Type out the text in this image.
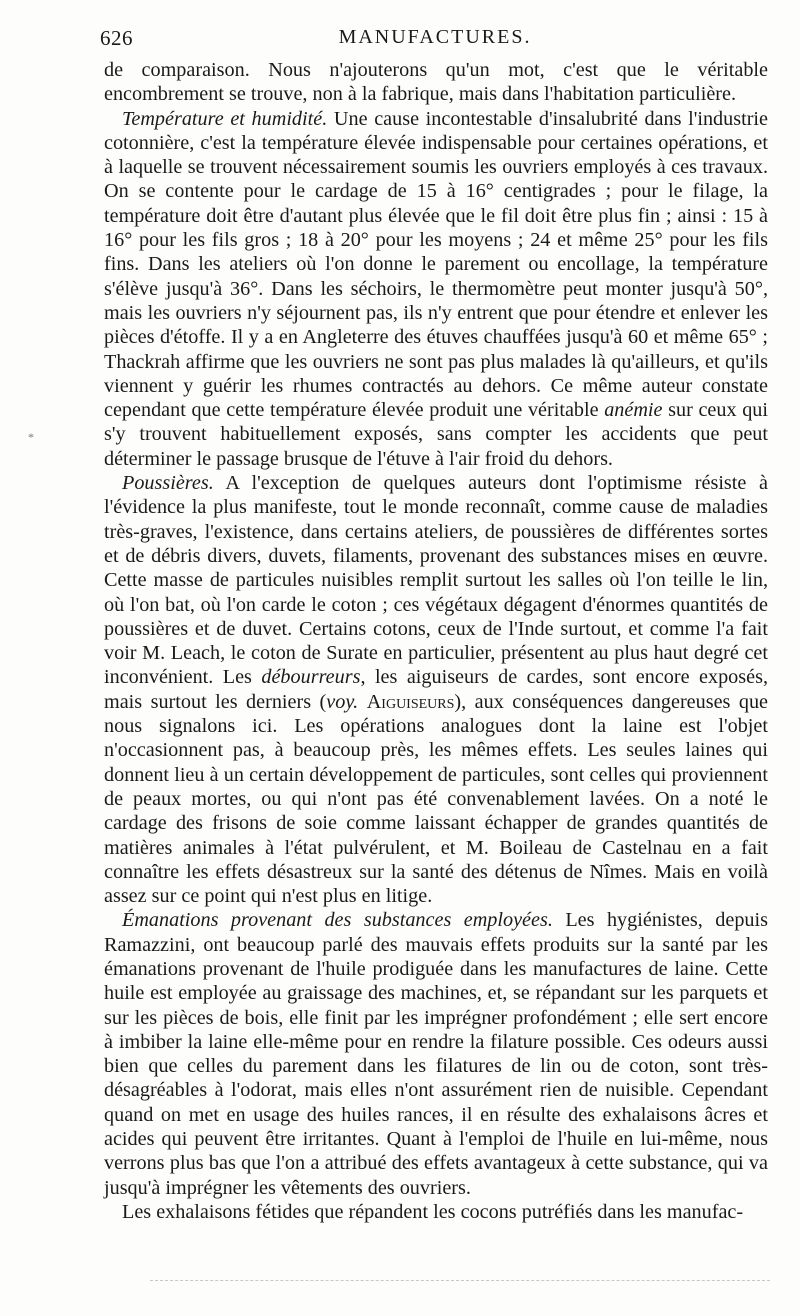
626	MANUFACTURES.
*

de comparaison. Nous n'ajouterons qu'un mot, c'est que le véritable encombrement se trouve, non à la fabrique, mais dans l'habitation particulière.

Température et humidité. Une cause incontestable d'insalubrité dans l'industrie cotonnière, c'est la température élevée indispensable pour certaines opérations, et à laquelle se trouvent nécessairement soumis les ouvriers employés à ces travaux. On se contente pour le cardage de 15 à 16° centigrades ; pour le filage, la température doit être d'autant plus élevée que le fil doit être plus fin ; ainsi : 15 à 16° pour les fils gros ; 18 à 20° pour les moyens ; 24 et même 25° pour les fils fins. Dans les ateliers où l'on donne le parement ou encollage, la température s'élève jusqu'à 36°. Dans les séchoirs, le thermomètre peut monter jusqu'à 50°, mais les ouvriers n'y séjournent pas, ils n'y entrent que pour étendre et enlever les pièces d'étoffe. Il y a en Angleterre des étuves chauffées jusqu'à 60 et même 65° ; Thackrah affirme que les ouvriers ne sont pas plus malades là qu'ailleurs, et qu'ils viennent y guérir les rhumes contractés au dehors. Ce même auteur constate cependant que cette température élevée produit une véritable anémie sur ceux qui s'y trouvent habituellement exposés, sans compter les accidents que peut déterminer le passage brusque de l'étuve à l'air froid du dehors.

Poussières. A l'exception de quelques auteurs dont l'optimisme résiste à l'évidence la plus manifeste, tout le monde reconnaît, comme cause de maladies très-graves, l'existence, dans certains ateliers, de poussières de différentes sortes et de débris divers, duvets, filaments, provenant des substances mises en œuvre. Cette masse de particules nuisibles remplit surtout les salles où l'on teille le lin, où l'on bat, où l'on carde le coton ; ces végétaux dégagent d'énormes quantités de poussières et de duvet. Certains cotons, ceux de l'Inde surtout, et comme l'a fait voir M. Leach, le coton de Surate en particulier, présentent au plus haut degré cet inconvénient. Les débourreurs, les aiguiseurs de cardes, sont encore exposés, mais surtout les derniers (voy. Aiguiseurs), aux conséquences dangereuses que nous signalons ici. Les opérations analogues dont la laine est l'objet n'occasionnent pas, à beaucoup près, les mêmes effets. Les seules laines qui donnent lieu à un certain développement de particules, sont celles qui proviennent de peaux mortes, ou qui n'ont pas été convenablement lavées. On a noté le cardage des frisons de soie comme laissant échapper de grandes quantités de matières animales à l'état pulvérulent, et M. Boileau de Castelnau en a fait connaître les effets désastreux sur la santé des détenus de Nîmes. Mais en voilà assez sur ce point qui n'est plus en litige.

Émanations provenant des substances employées. Les hygiénistes, depuis Ramazzini, ont beaucoup parlé des mauvais effets produits sur la santé par les émanations provenant de l'huile prodiguée dans les manufactures de laine. Cette huile est employée au graissage des machines, et, se répandant sur les parquets et sur les pièces de bois, elle finit par les imprégner profondément ; elle sert encore à imbiber la laine elle-même pour en rendre la filature possible. Ces odeurs aussi bien que celles du parement dans les filatures de lin ou de coton, sont très-désagréables à l'odorat, mais elles n'ont assurément rien de nuisible. Cependant quand on met en usage des huiles rances, il en résulte des exhalaisons âcres et acides qui peuvent être irritantes. Quant à l'emploi de l'huile en lui-même, nous verrons plus bas que l'on a attribué des effets avantageux à cette substance, qui va jusqu'à imprégner les vêtements des ouvriers.

Les exhalaisons fétides que répandent les cocons putréfiés dans les manufac-
